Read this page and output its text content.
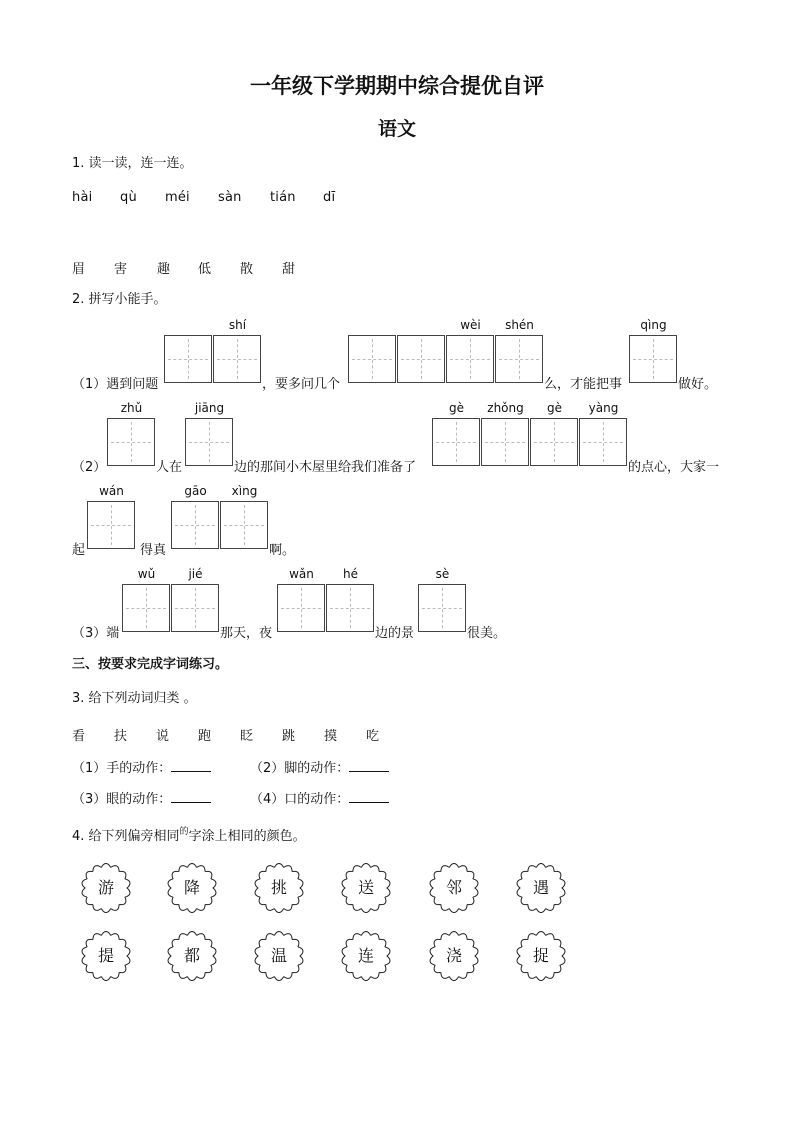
一年级下学期期中综合提优自评
语文
1. 读一读，连一连。
hài qù méi sàn tián dī
眉 害 趣 低 散 甜
2. 拼写小能手。
shí	wèi	shén	qìng
（1）遇到问题	，要多问几个	么，才能把事	做好。
zhǔ	jiāng	gè	zhǒng	gè	yàng
（2）	人在	边的那间小木屋里给我们准备了	的点心，大家一
wán	gāo	xìng
起	得真	啊。
wǔ	jié	wǎn	hé	sè
（3）端	那天，夜	边的景	很美。
三、按要求完成字词练习。
3. 给下列动词归类 。
看 扶 说 跑 眨 跳 摸 吃
（1）手的动作：	（2）脚的动作：
（3）眼的动作：	（4）口的动作：
4. 给下列偏旁相同$^的$字涂上相同的颜色。
游	降	挑	送	邻	遇
提	都	温	连	浇	捉
